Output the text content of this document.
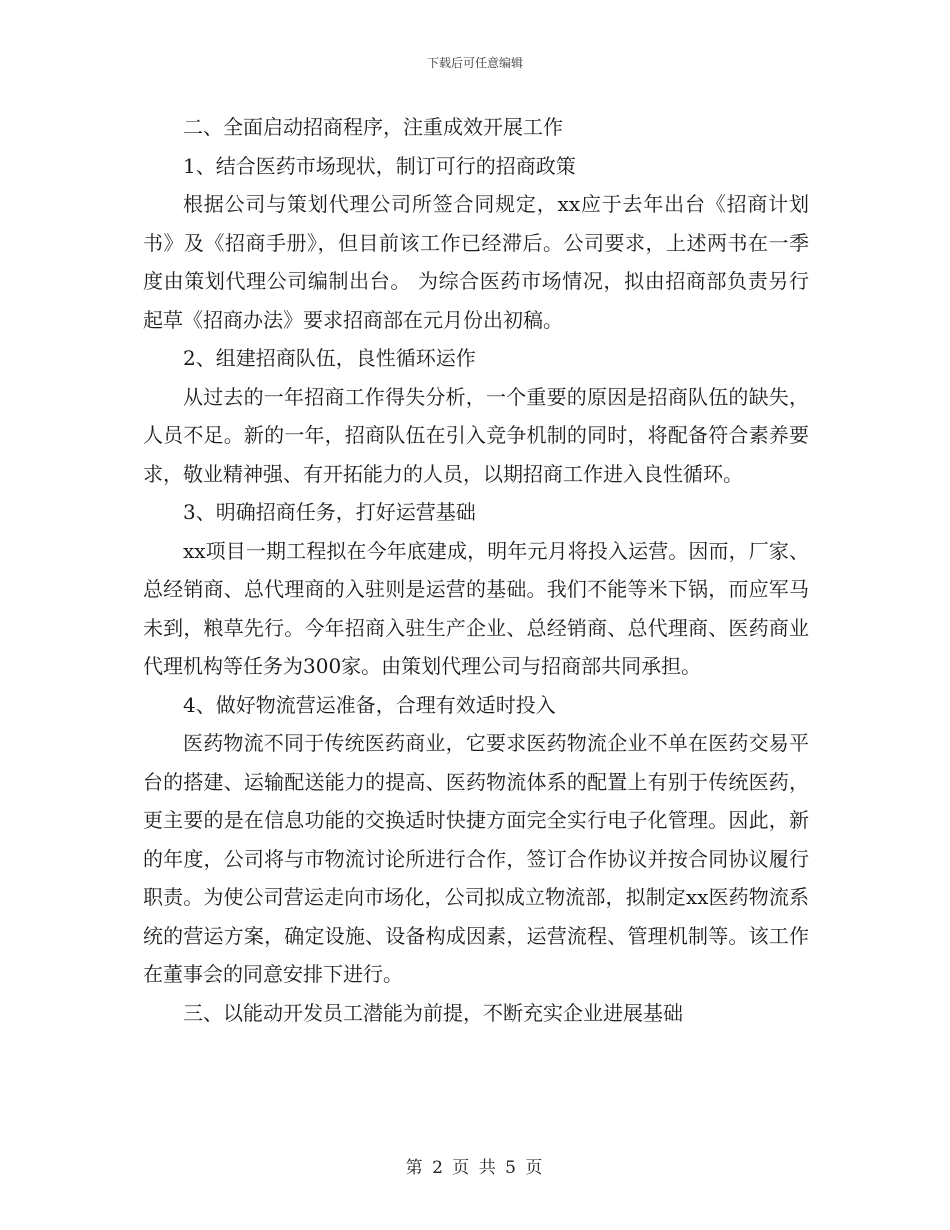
下载后可任意编辑

二、全面启动招商程序，注重成效开展工作

1、结合医药市场现状，制订可行的招商政策

根据公司与策划代理公司所签合同规定，xx应于去年出台《招商计划书》及《招商手册》，但目前该工作已经滞后。公司要求，上述两书在一季度由策划代理公司编制出台。 为综合医药市场情况，拟由招商部负责另行起草《招商办法》要求招商部在元月份出初稿。

2、组建招商队伍，良性循环运作

从过去的一年招商工作得失分析，一个重要的原因是招商队伍的缺失，人员不足。新的一年，招商队伍在引入竞争机制的同时，将配备符合素养要求，敬业精神强、有开拓能力的人员，以期招商工作进入良性循环。

3、明确招商任务，打好运营基础

xx项目一期工程拟在今年底建成，明年元月将投入运营。因而，厂家、总经销商、总代理商的入驻则是运营的基础。我们不能等米下锅，而应军马未到，粮草先行。今年招商入驻生产企业、总经销商、总代理商、医药商业代理机构等任务为300家。由策划代理公司与招商部共同承担。

4、做好物流营运准备，合理有效适时投入

医药物流不同于传统医药商业，它要求医药物流企业不单在医药交易平台的搭建、运输配送能力的提高、医药物流体系的配置上有别于传统医药，更主要的是在信息功能的交换适时快捷方面完全实行电子化管理。因此，新的年度，公司将与市物流讨论所进行合作，签订合作协议并按合同协议履行职责。为使公司营运走向市场化，公司拟成立物流部，拟制定xx医药物流系统的营运方案，确定设施、设备构成因素，运营流程、管理机制等。该工作在董事会的同意安排下进行。

三、以能动开发员工潜能为前提，不断充实企业进展基础

第 2 页 共 5 页
